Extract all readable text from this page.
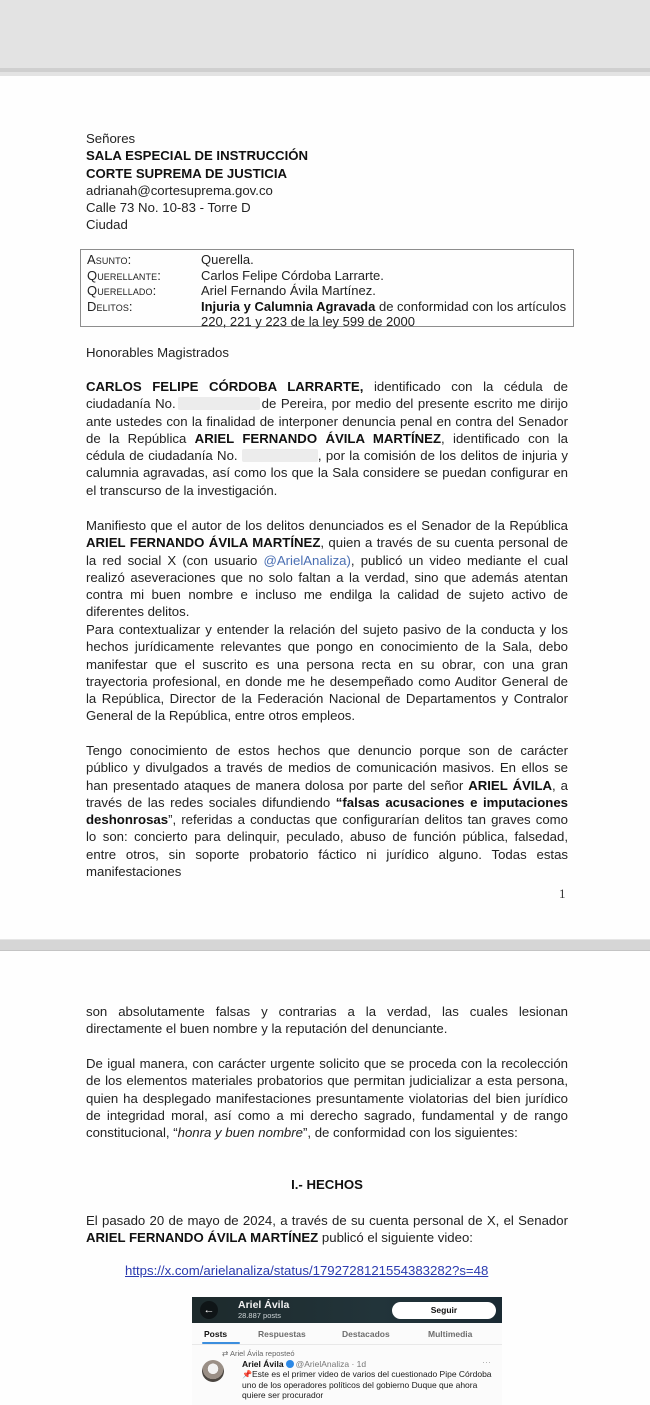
Señores
SALA ESPECIAL DE INSTRUCCIÓN
CORTE SUPREMA DE JUSTICIA
adrianah@cortesuprema.gov.co
Calle 73 No. 10-83 - Torre D
Ciudad
Asunto:	Querella.
Querellante:	Carlos Felipe Córdoba Larrarte.
Querellado:	Ariel Fernando Ávila Martínez.
Delitos:	Injuria y Calumnia Agravada de conformidad con los artículos
220, 221 y 223 de la ley 599 de 2000
Honorables Magistrados
CARLOS FELIPE CÓRDOBA LARRARTE, identificado con la cédula de ciudadanía No.	de Pereira, por medio del presente escrito me dirijo ante ustedes con la finalidad de interponer denuncia penal en contra del Senador de la República ARIEL FERNANDO ÁVILA MARTÍNEZ, identificado con la cédula de ciudadanía No.	, por la comisión de los delitos de injuria y calumnia agravadas, así como los que la Sala considere se puedan configurar en el transcurso de la investigación.
Manifiesto que el autor de los delitos denunciados es el Senador de la República ARIEL FERNANDO ÁVILA MARTÍNEZ, quien a través de su cuenta personal de la red social X (con usuario @ArielAnaliza), publicó un video mediante el cual realizó aseveraciones que no solo faltan a la verdad, sino que además atentan contra mi buen nombre e incluso me endilga la calidad de sujeto activo de diferentes delitos.
Para contextualizar y entender la relación del sujeto pasivo de la conducta y los hechos jurídicamente relevantes que pongo en conocimiento de la Sala, debo manifestar que el suscrito es una persona recta en su obrar, con una gran trayectoria profesional, en donde me he desempeñado como Auditor General de la República, Director de la Federación Nacional de Departamentos y Contralor General de la República, entre otros empleos.
Tengo conocimiento de estos hechos que denuncio porque son de carácter público y divulgados a través de medios de comunicación masivos. En ellos se han presentado ataques de manera dolosa por parte del señor ARIEL ÁVILA, a través de las redes sociales difundiendo “falsas acusaciones e imputaciones deshonrosas”, referidas a conductas que configurarían delitos tan graves como lo son: concierto para delinquir, peculado, abuso de función pública, falsedad, entre otros, sin soporte probatorio fáctico ni jurídico alguno. Todas estas manifestaciones
1
son absolutamente falsas y contrarias a la verdad, las cuales lesionan directamente el buen nombre y la reputación del denunciante.
De igual manera, con carácter urgente solicito que se proceda con la recolección de los elementos materiales probatorios que permitan judicializar a esta persona, quien ha desplegado manifestaciones presuntamente violatorias del bien jurídico de integridad moral, así como a mi derecho sagrado, fundamental y de rango constitucional, “honra y buen nombre”, de conformidad con los siguientes:
I.- HECHOS
El pasado 20 de mayo de 2024, a través de su cuenta personal de X, el Senador ARIEL FERNANDO ÁVILA MARTÍNEZ publicó el siguiente video:
https://x.com/arielanaliza/status/1792728121554383282?s=48
←	Ariel Ávila
28.887 posts
Seguir
Posts	Respuestas	Destacados	Multimedia
⇄ Ariel Ávila reposteó
Ariel Ávila @ArielAnaliza · 1d	···
📌Este es el primer video de varios del cuestionado Pipe Córdoba uno de los operadores políticos del gobierno Duque que ahora quiere ser procurador
